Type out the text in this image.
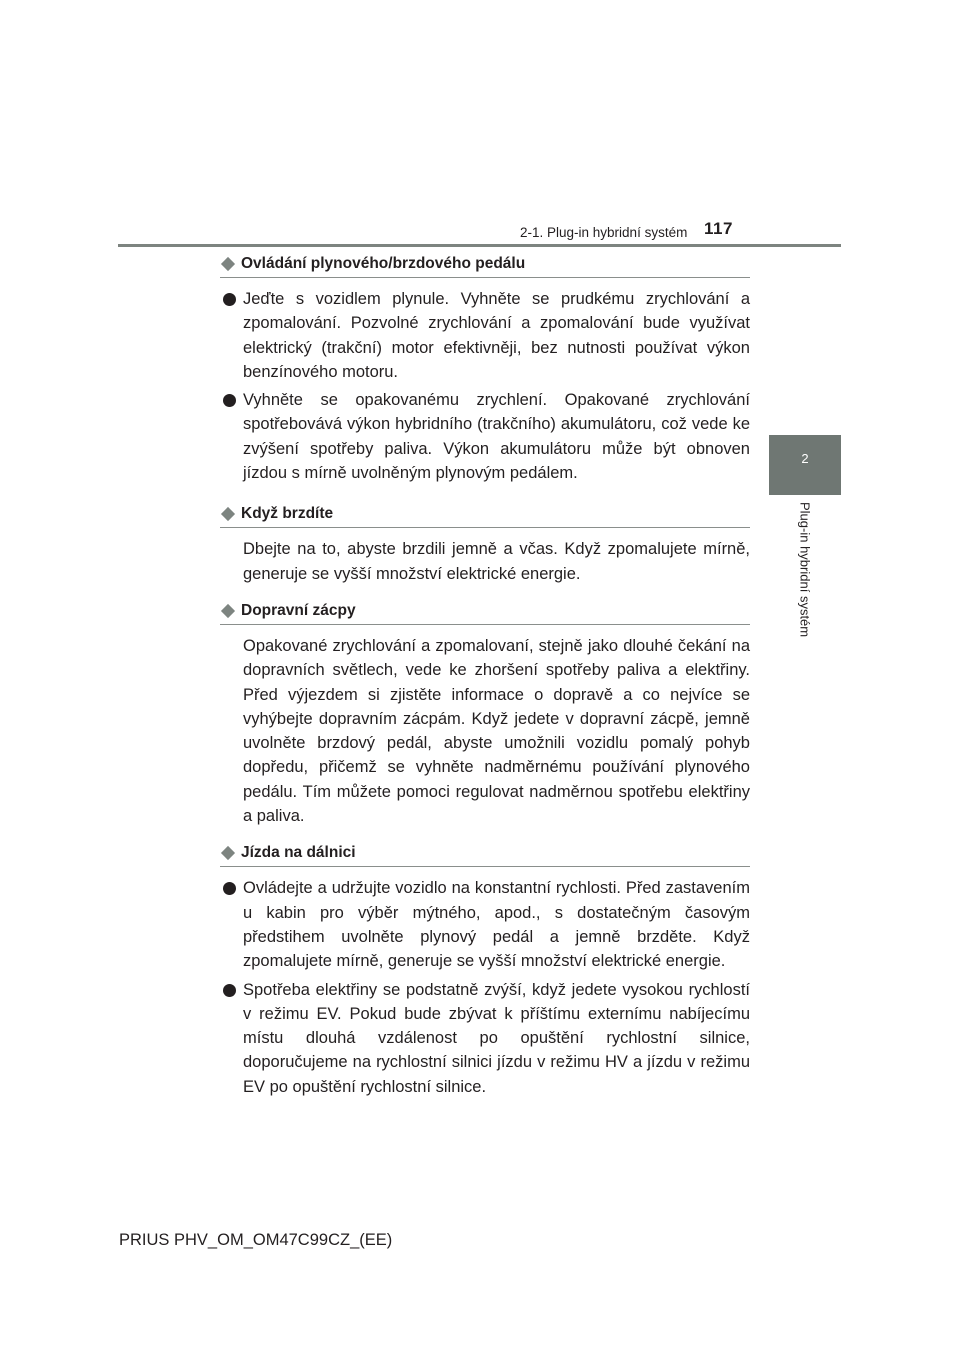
2-1. Plug-in hybridní systém 117
2
Plug-in hybridní systém
Ovládání plynového/brzdového pedálu
Jeďte s vozidlem plynule. Vyhněte se prudkému zrychlování a zpomalování. Pozvolné zrychlování a zpomalování bude využívat elektrický (trakční) motor efektivněji, bez nutnosti používat výkon benzínového motoru.
Vyhněte se opakovanému zrychlení. Opakované zrychlování spotřebovává výkon hybridního (trakčního) akumulátoru, což vede ke zvýšení spotřeby paliva. Výkon akumulátoru může být obnoven jízdou s mírně uvolněným plynovým pedálem.
Když brzdíte
Dbejte na to, abyste brzdili jemně a včas. Když zpomalujete mírně, generuje se vyšší množství elektrické energie.
Dopravní zácpy
Opakované zrychlování a zpomalovaní, stejně jako dlouhé čekání na dopravních světlech, vede ke zhoršení spotřeby paliva a elektřiny. Před výjezdem si zjistěte informace o dopravě a co nejvíce se vyhýbejte dopravním zácpám. Když jedete v dopravní zácpě, jemně uvolněte brzdový pedál, abyste umožnili vozidlu pomalý pohyb dopředu, přičemž se vyhněte nadměrnému používání plynového pedálu. Tím můžete pomoci regulovat nadměrnou spotřebu elektřiny a paliva.
Jízda na dálnici
Ovládejte a udržujte vozidlo na konstantní rychlosti. Před zastavením u kabin pro výběr mýtného, apod., s dostatečným časovým předstihem uvolněte plynový pedál a jemně brzděte. Když zpomalujete mírně, generuje se vyšší množství elektrické energie.
Spotřeba elektřiny se podstatně zvýší, když jedete vysokou rychlostí v režimu EV. Pokud bude zbývat k příštímu externímu nabíjecímu místu dlouhá vzdálenost po opuštění rychlostní silnice, doporučujeme na rychlostní silnici jízdu v režimu HV a jízdu v režimu EV po opuštění rychlostní silnice.
PRIUS PHV_OM_OM47C99CZ_(EE)
